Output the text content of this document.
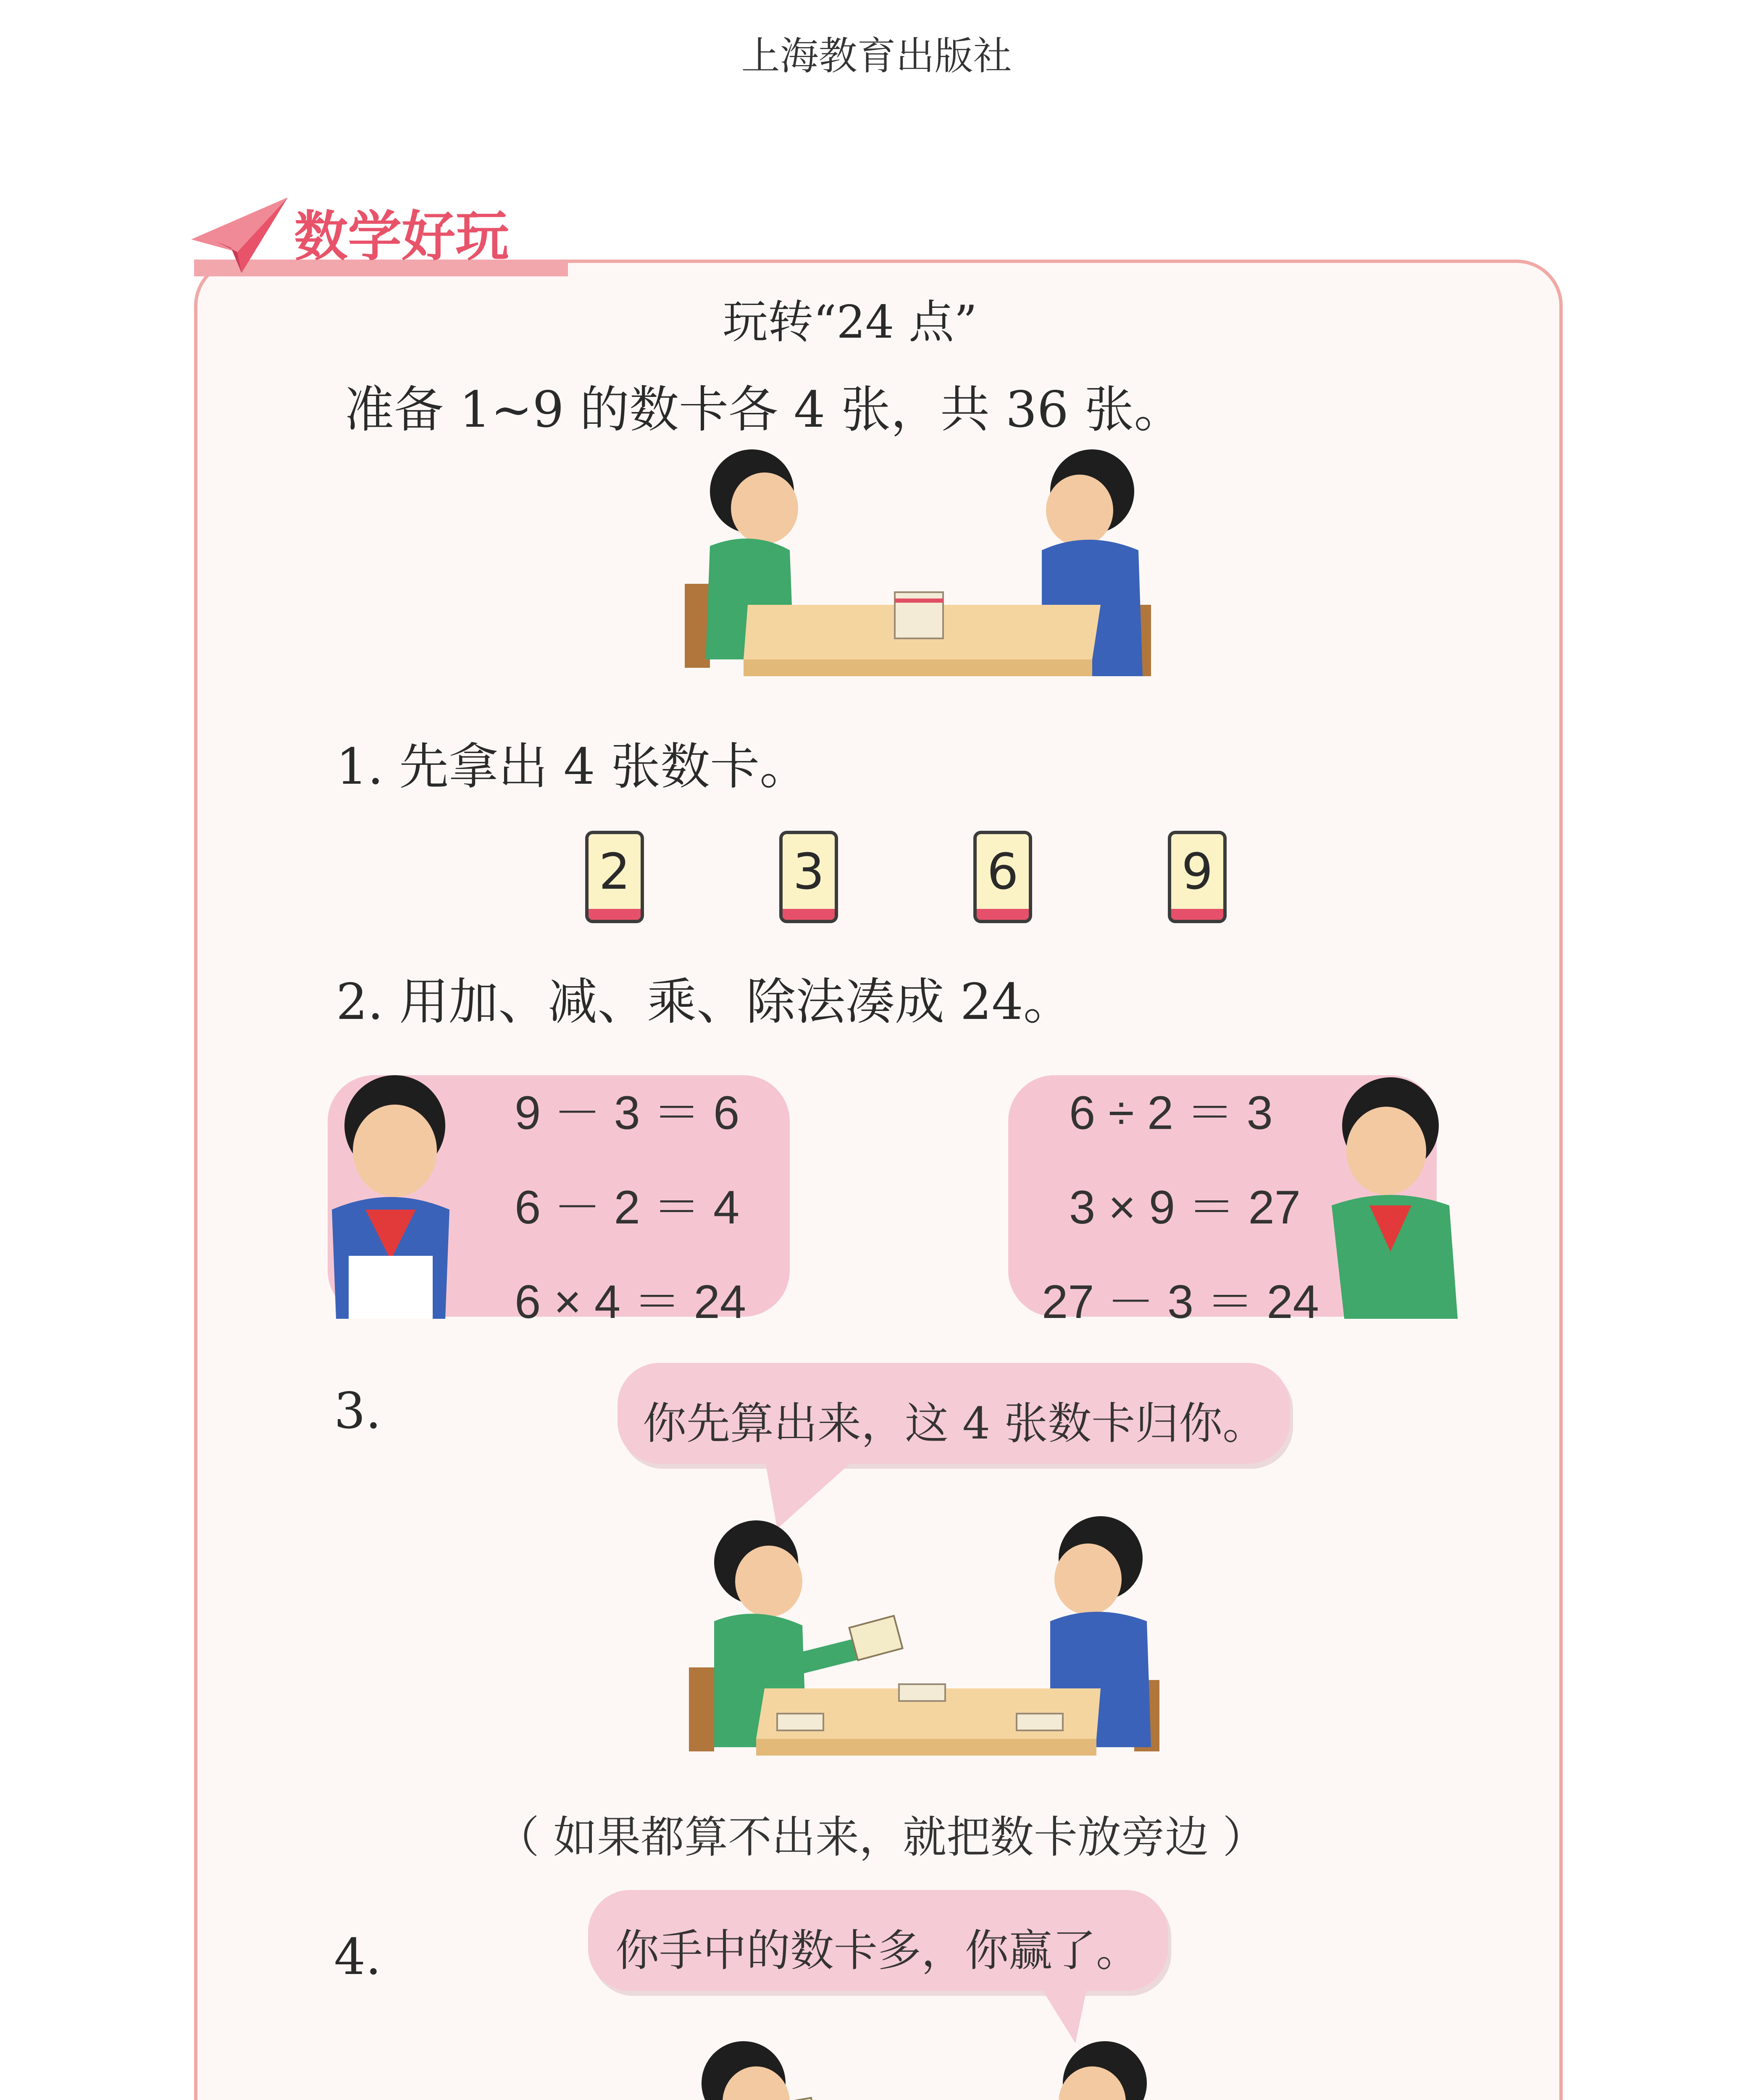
上海教育出版社
数学好玩
玩转“24 点”
准备 1~9 的数卡各 4 张，共 36 张。
1. 先拿出 4 张数卡。
2	3	6	9
2. 用加、减、乘、除法凑成 24。
9 － 3 ＝ 6
6 － 2 ＝ 4
6 × 4 ＝ 24
6 ÷ 2 ＝ 3
3 × 9 ＝ 27
27 － 3 ＝ 24
3.	你先算出来，这 4 张数卡归你。
（ 如果都算不出来，就把数卡放旁边 ）
4.	你手中的数卡多，你赢了。
